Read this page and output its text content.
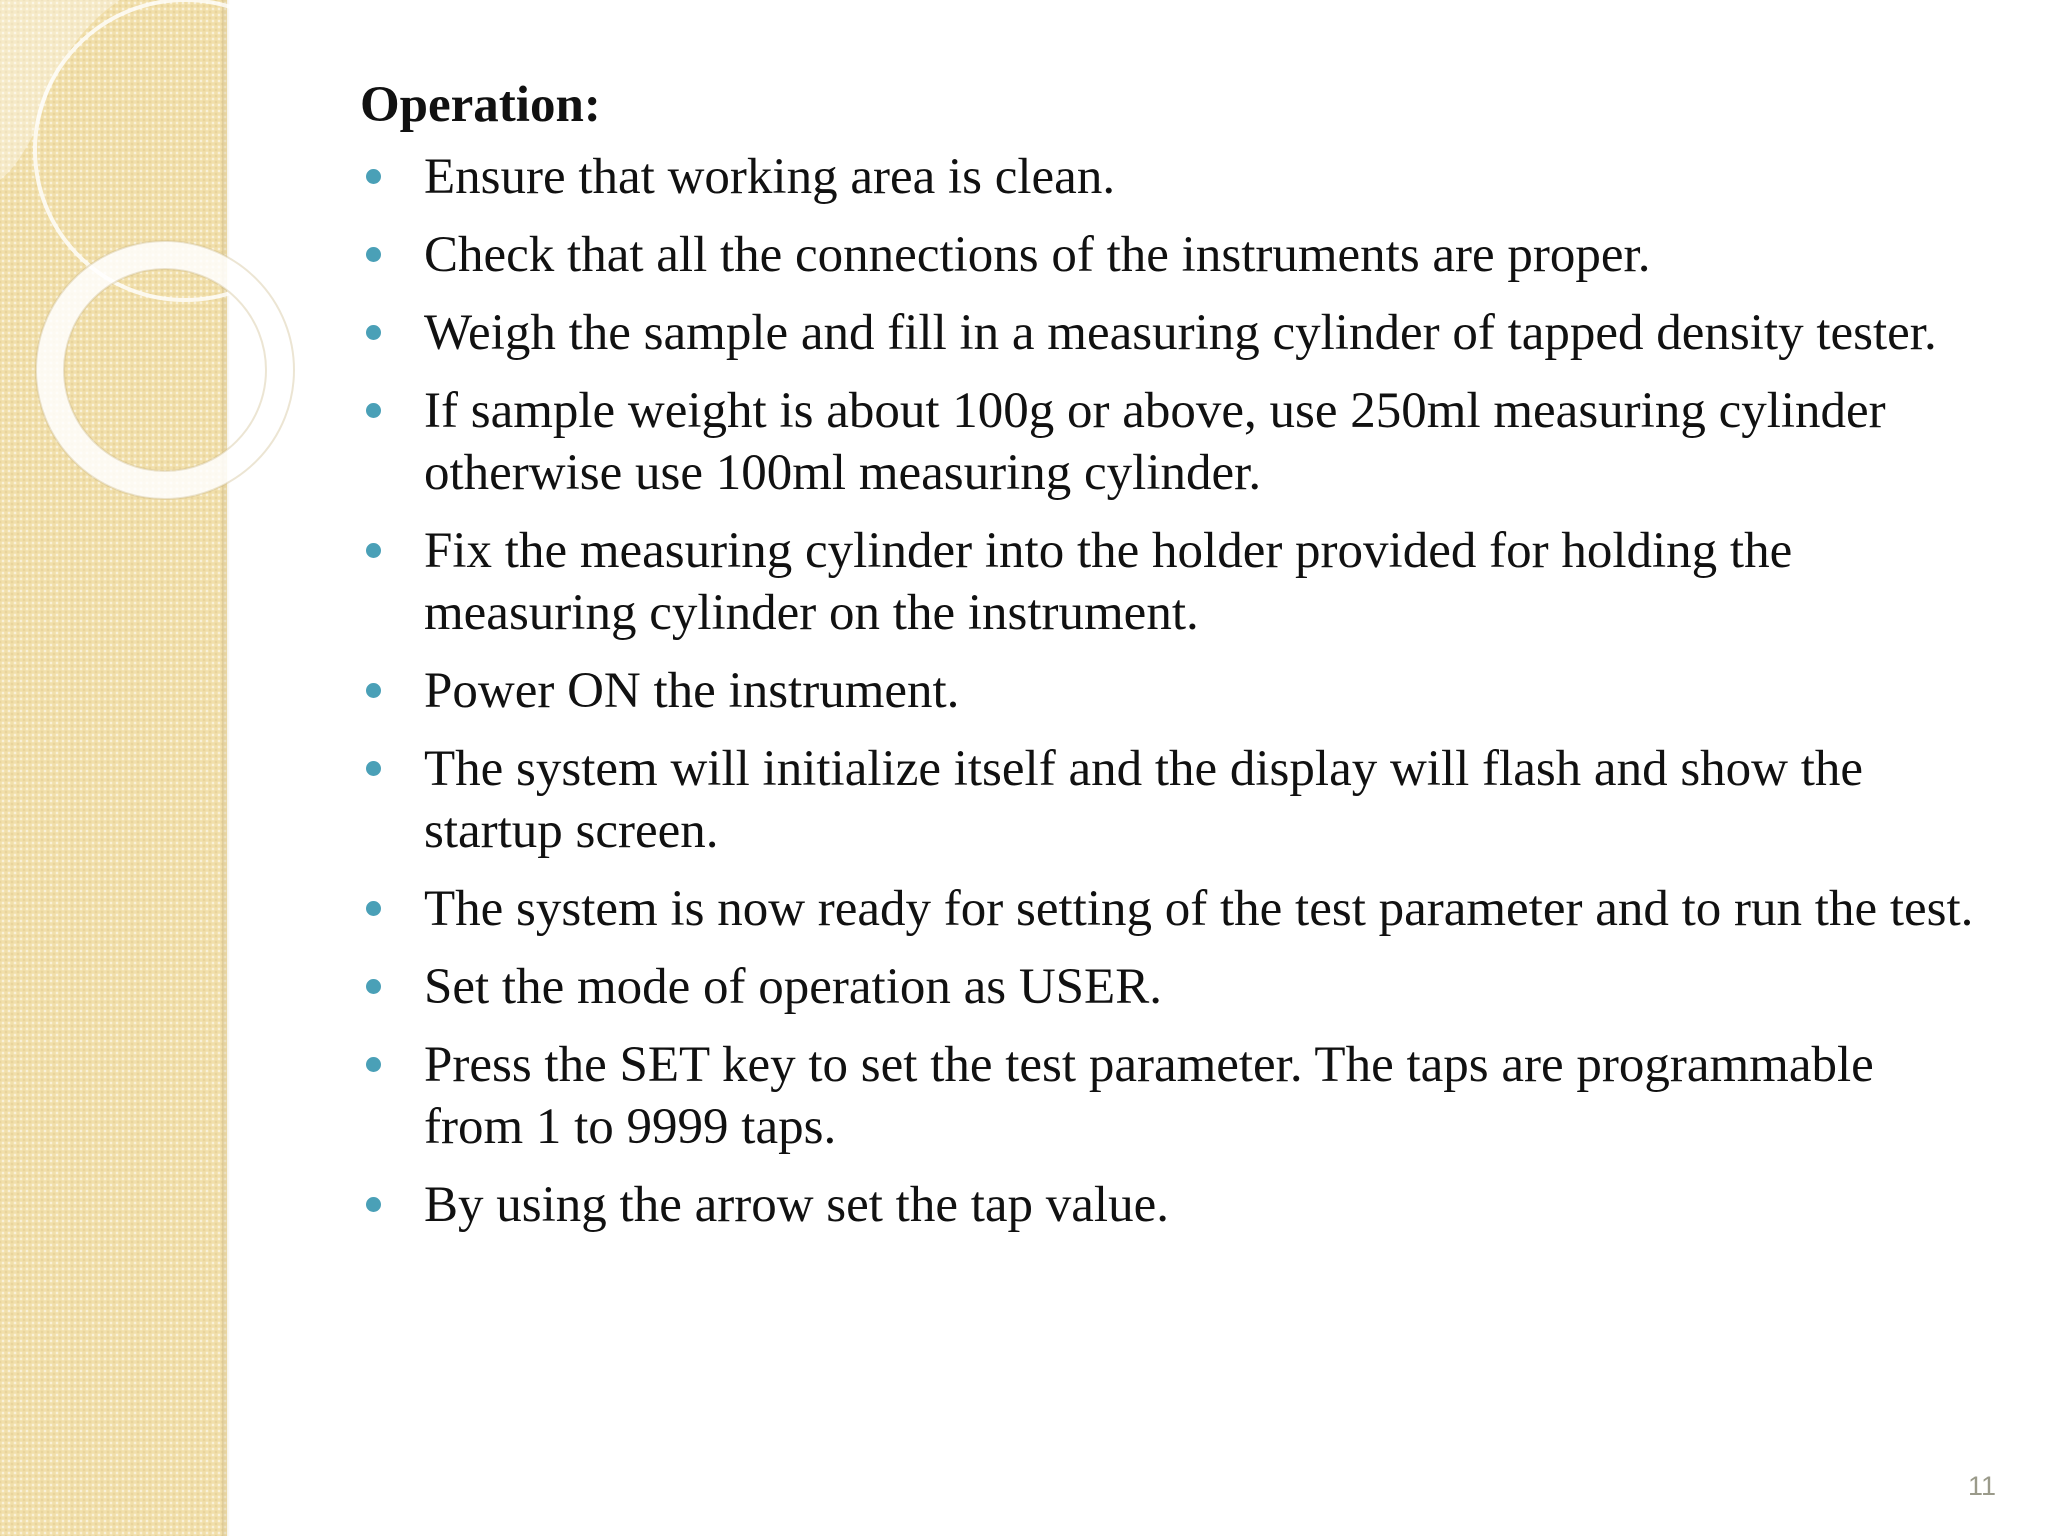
Operation:
Ensure that working area is clean.
Check that all the connections of the instruments are proper.
Weigh the sample and fill in a measuring cylinder of tapped density tester.
If sample weight is about 100g or above, use 250ml measuring cylinder otherwise use 100ml measuring cylinder.
Fix the measuring cylinder into the holder provided for holding the measuring cylinder on the instrument.
Power ON the instrument.
The system will initialize itself and the display will flash and show the startup screen.
The system is now ready for setting of the test parameter and to run the test.
Set the mode of operation as USER.
Press the SET key to set the test parameter. The taps are programmable from 1 to 9999 taps.
By using the arrow set the tap value.
11
